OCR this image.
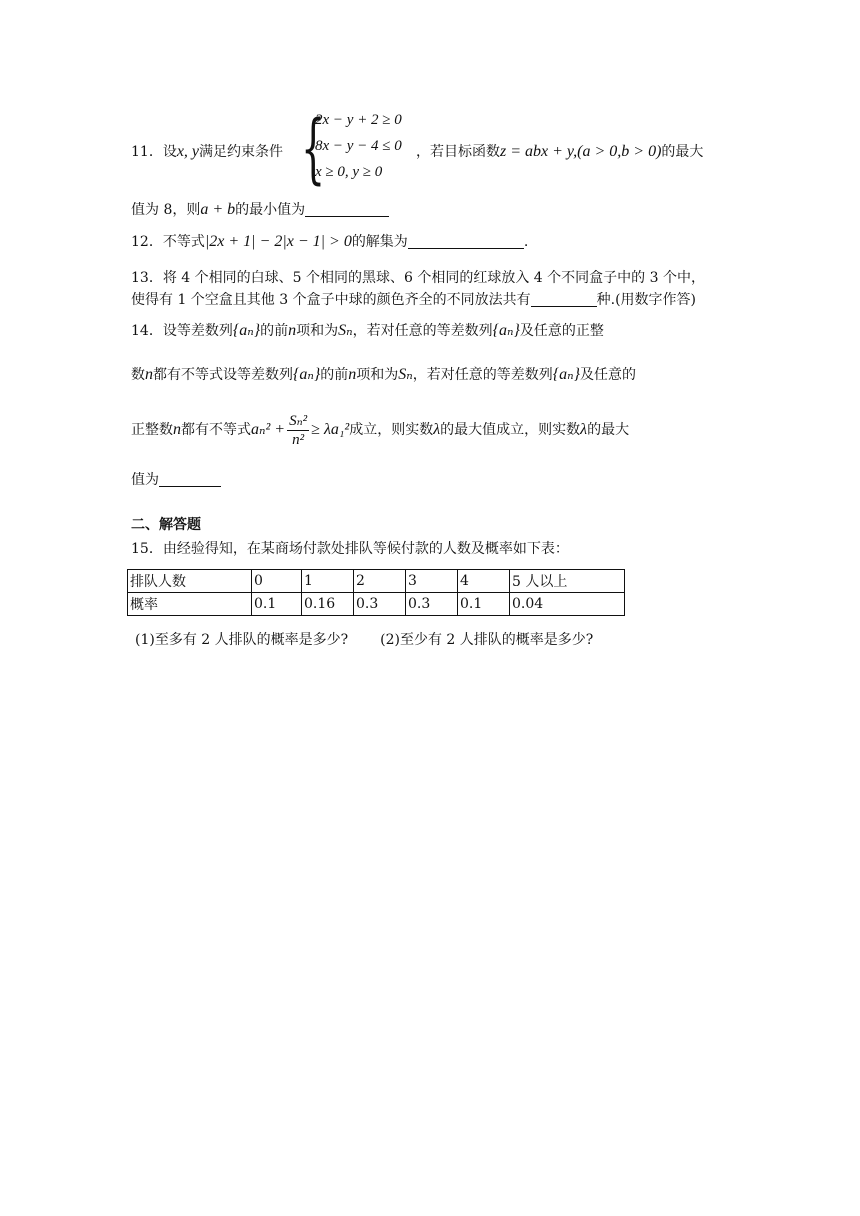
11．设x, y满足约束条件 {
2x − y + 2 ≥ 0
8x − y − 4 ≤ 0
x ≥ 0, y ≥ 0
，若目标函数z = abx + y,(a > 0,b > 0)的最大
值为 8，则a + b的最小值为
12．不等式|2x + 1| − 2|x − 1| > 0的解集为	.
13．将 4 个相同的白球、5 个相同的黑球、6 个相同的红球放入 4 个不同盒子中的 3 个中，
使得有 1 个空盒且其他 3 个盒子中球的颜色齐全的不同放法共有	种.(用数字作答)
14．设等差数列{aₙ}的前n项和为Sₙ，若对任意的等差数列{aₙ}及任意的正整
数n都有不等式设等差数列{aₙ}的前n项和为Sₙ，若对任意的等差数列{aₙ}及任意的
正整数n都有不等式$a_n^2 + \frac{\text{Sₙ²}}{\text{n²}} \ge \lambda a_1^2$成立，则实数λ的最大值成立，则实数λ的最大
值为
二、解答题
15．由经验得知，在某商场付款处排队等候付款的人数及概率如下表：
排队人数	0	1	2	3	4	5 人以上
概率	0.1	0.16	0.3	0.3	0.1	0.04
(1)至多有 2 人排队的概率是多少? (2)至少有 2 人排队的概率是多少?
